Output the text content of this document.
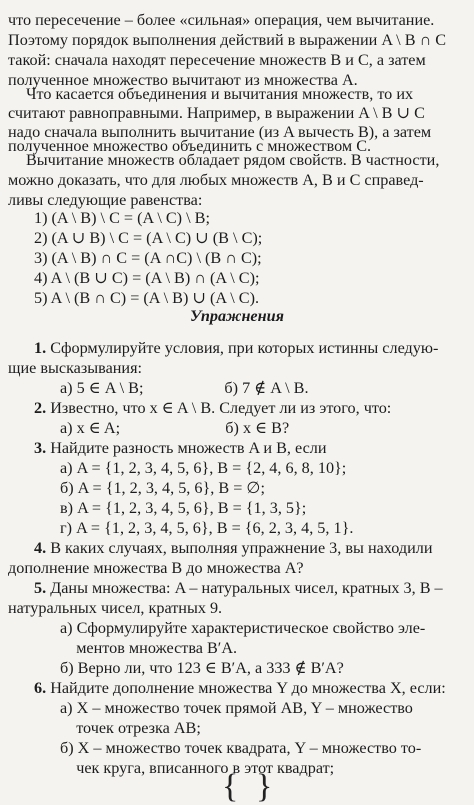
что пересечение – более «сильная» операция, чем вычитание.
Поэтому порядок выполнения действий в выражении A \ B ∩ C
такой: сначала находят пересечение множеств B и C, а затем
полученное множество вычитают из множества A.
Что касается объединения и вычитания множеств, то их
считают равноправными. Например, в выражении A \ B ∪ C
надо сначала выполнить вычитание (из A вычесть B), а затем
полученное множество объединить с множеством C.
Вычитание множеств обладает рядом свойств. В частности,
можно доказать, что для любых множеств A, B и C справед-
ливы следующие равенства:
1) (A \ B) \ C = (A \ C) \ B;
2) (A ∪ B) \ C = (A \ C) ∪ (B \ C);
3) (A \ B) ∩ C = (A ∩C) \ (B ∩ C);
4) A \ (B ∪ C) = (A \ B) ∩ (A \ C);
5) A \ (B ∩ C) = (A \ B) ∪ (A \ C).
Упражнения
1. Сформулируйте условия, при которых истинны следую-
щие высказывания:
а) 5 ∈ A \ B;                    б) 7 ∉ A \ B.
2. Известно, что x ∈ A \ B. Следует ли из этого, что:
а) x ∈ A;                          б) x ∈ B?
3. Найдите разность множеств A и B, если
а) A = {1, 2, 3, 4, 5, 6}, B = {2, 4, 6, 8, 10};
б) A = {1, 2, 3, 4, 5, 6}, B = ∅;
в) A = {1, 2, 3, 4, 5, 6}, B = {1, 3, 5};
г) A = {1, 2, 3, 4, 5, 6}, B = {6, 2, 3, 4, 5, 1}.
4. В каких случаях, выполняя упражнение 3, вы находили
дополнение множества B до множества A?
5. Даны множества: A – натуральных чисел, кратных 3, B –
натуральных чисел, кратных 9.
а) Сформулируйте характеристическое свойство эле-
ментов множества B′A.
б) Верно ли, что 123 ∈ B′A, а 333 ∉ B′A?
6. Найдите дополнение множества Y до множества X, если:
а) X – множество точек прямой AB, Y – множество
точек отрезка AB;
б) X – множество точек квадрата, Y – множество то-
чек круга, вписанного в этот квадрат;
{ }
